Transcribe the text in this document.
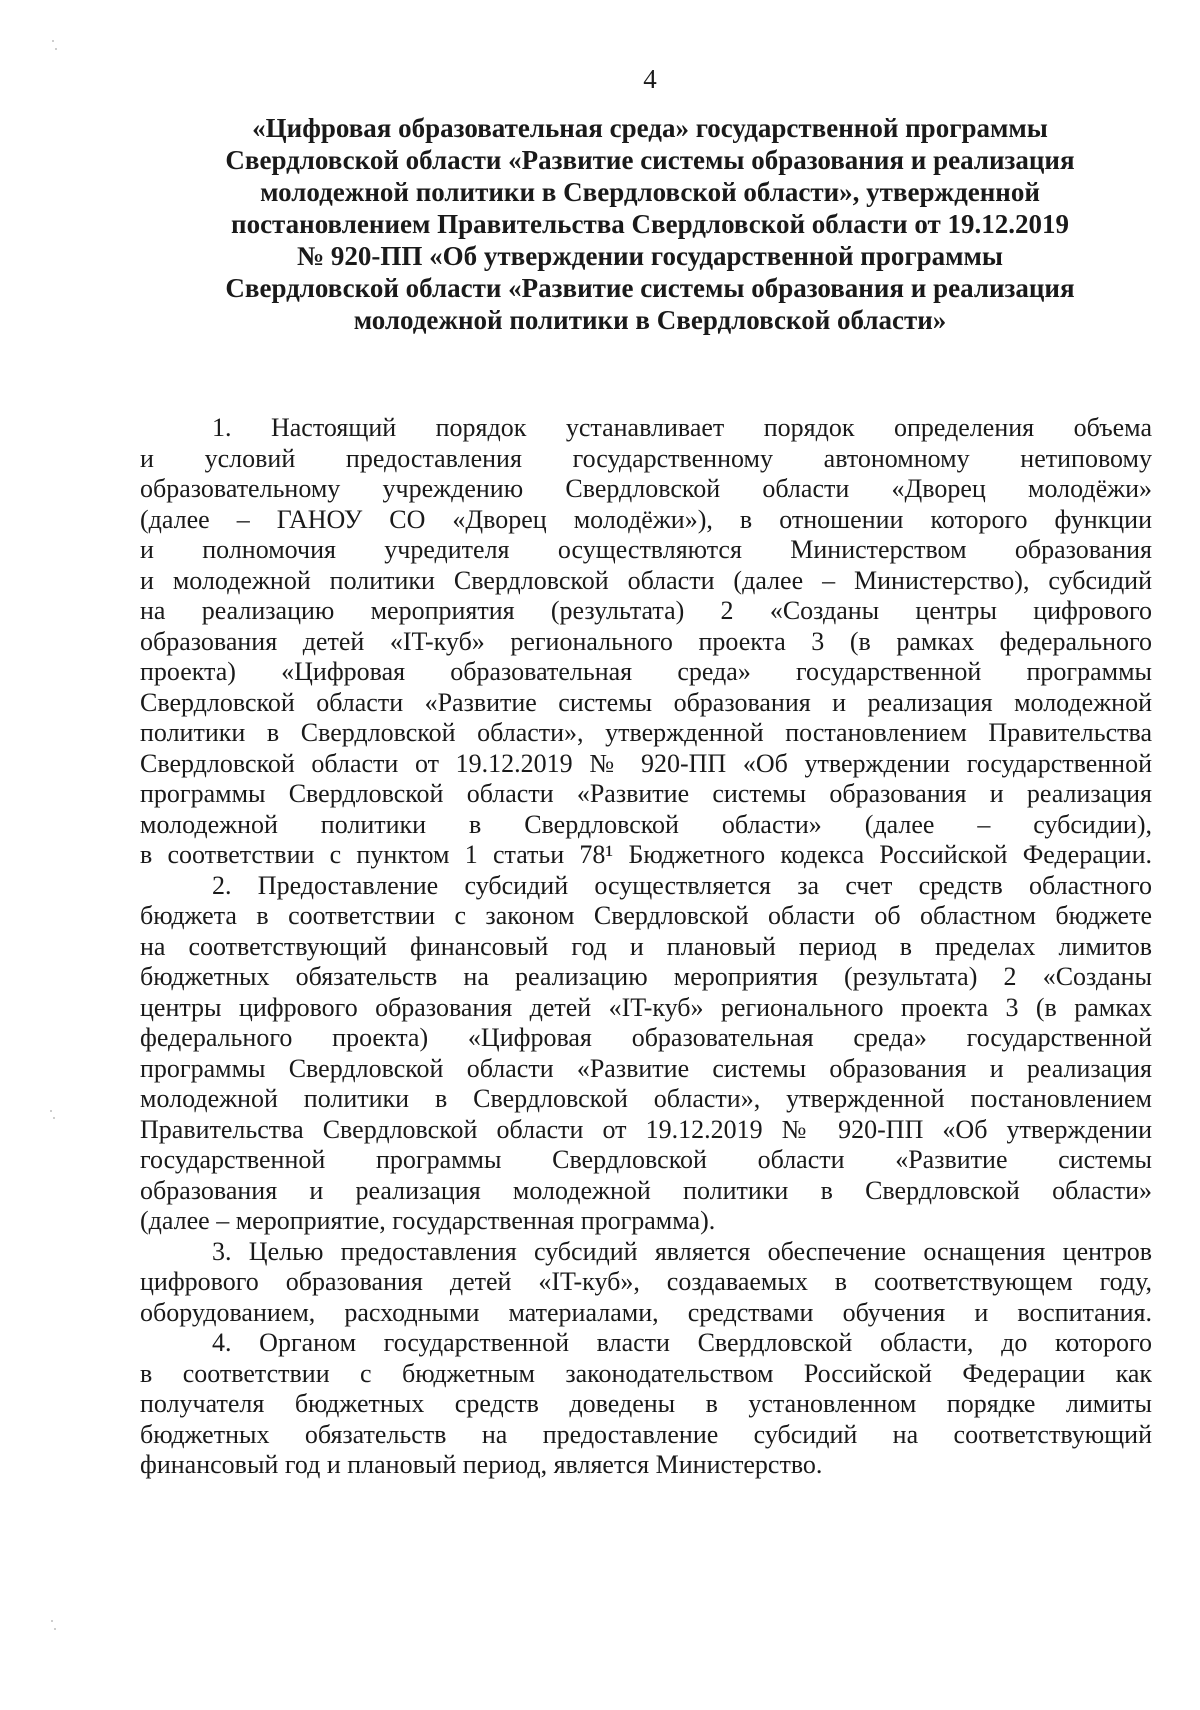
4
«Цифровая образовательная среда» государственной программы
Свердловской области «Развитие системы образования и реализация
молодежной политики в Свердловской области», утвержденной
постановлением Правительства Свердловской области от 19.12.2019
№ 920-ПП «Об утверждении государственной программы
Свердловской области «Развитие системы образования и реализация
молодежной политики в Свердловской области»
1. Настоящий порядок устанавливает порядок определения объема
и условий предоставления государственному автономному нетиповому
образовательному учреждению Свердловской области «Дворец молодёжи»
(далее – ГАНОУ СО «Дворец молодёжи»), в отношении которого функции
и полномочия учредителя осуществляются Министерством образования
и молодежной политики Свердловской области (далее – Министерство), субсидий
на реализацию мероприятия (результата) 2 «Созданы центры цифрового
образования детей «IT-куб» регионального проекта 3 (в рамках федерального
проекта) «Цифровая образовательная среда» государственной программы
Свердловской области «Развитие системы образования и реализация молодежной
политики в Свердловской области», утвержденной постановлением Правительства
Свердловской области от 19.12.2019 № 920-ПП «Об утверждении государственной
программы Свердловской области «Развитие системы образования и реализация
молодежной политики в Свердловской области» (далее – субсидии),
в соответствии с пунктом 1 статьи 78¹ Бюджетного кодекса Российской Федерации.
2. Предоставление субсидий осуществляется за счет средств областного
бюджета в соответствии с законом Свердловской области об областном бюджете
на соответствующий финансовый год и плановый период в пределах лимитов
бюджетных обязательств на реализацию мероприятия (результата) 2 «Созданы
центры цифрового образования детей «IT-куб» регионального проекта 3 (в рамках
федерального проекта) «Цифровая образовательная среда» государственной
программы Свердловской области «Развитие системы образования и реализация
молодежной политики в Свердловской области», утвержденной постановлением
Правительства Свердловской области от 19.12.2019 № 920-ПП «Об утверждении
государственной программы Свердловской области «Развитие системы
образования и реализация молодежной политики в Свердловской области»
(далее – мероприятие, государственная программа).
3. Целью предоставления субсидий является обеспечение оснащения центров
цифрового образования детей «IT-куб», создаваемых в соответствующем году,
оборудованием, расходными материалами, средствами обучения и воспитания.
4. Органом государственной власти Свердловской области, до которого
в соответствии с бюджетным законодательством Российской Федерации как
получателя бюджетных средств доведены в установленном порядке лимиты
бюджетных обязательств на предоставление субсидий на соответствующий
финансовый год и плановый период, является Министерство.
